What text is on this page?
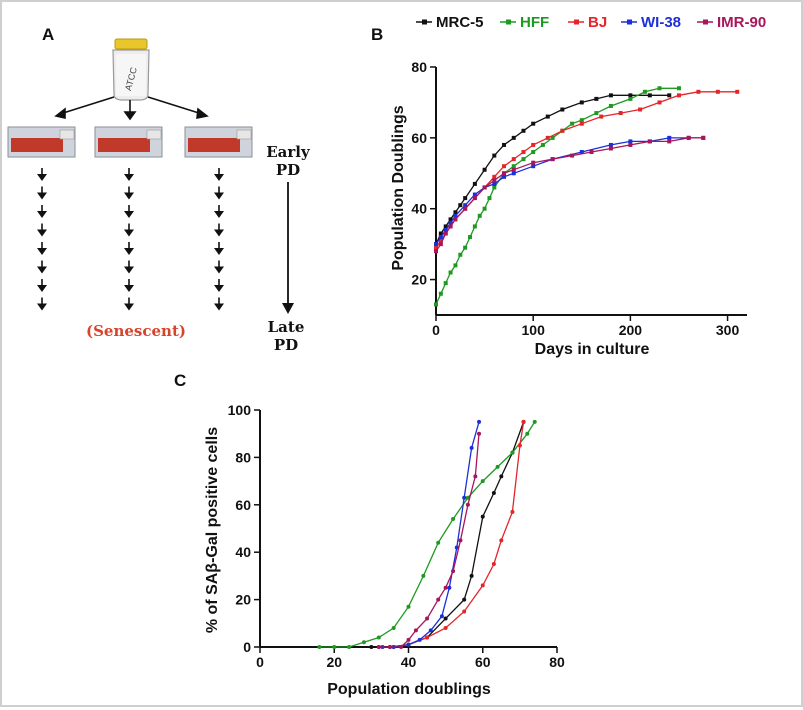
A
ATCC
Early
PD
Late
PD
(Senescent)
B
MRC-5 HFF	BJ WI-38 IMR-90
0	100	200	300
20
40
60
80
Days in culture
Population Doublings
C
0	20	40	60	80
0
20
40
60
80
100
Population doublings
% of SAβ-Gal positive cells
